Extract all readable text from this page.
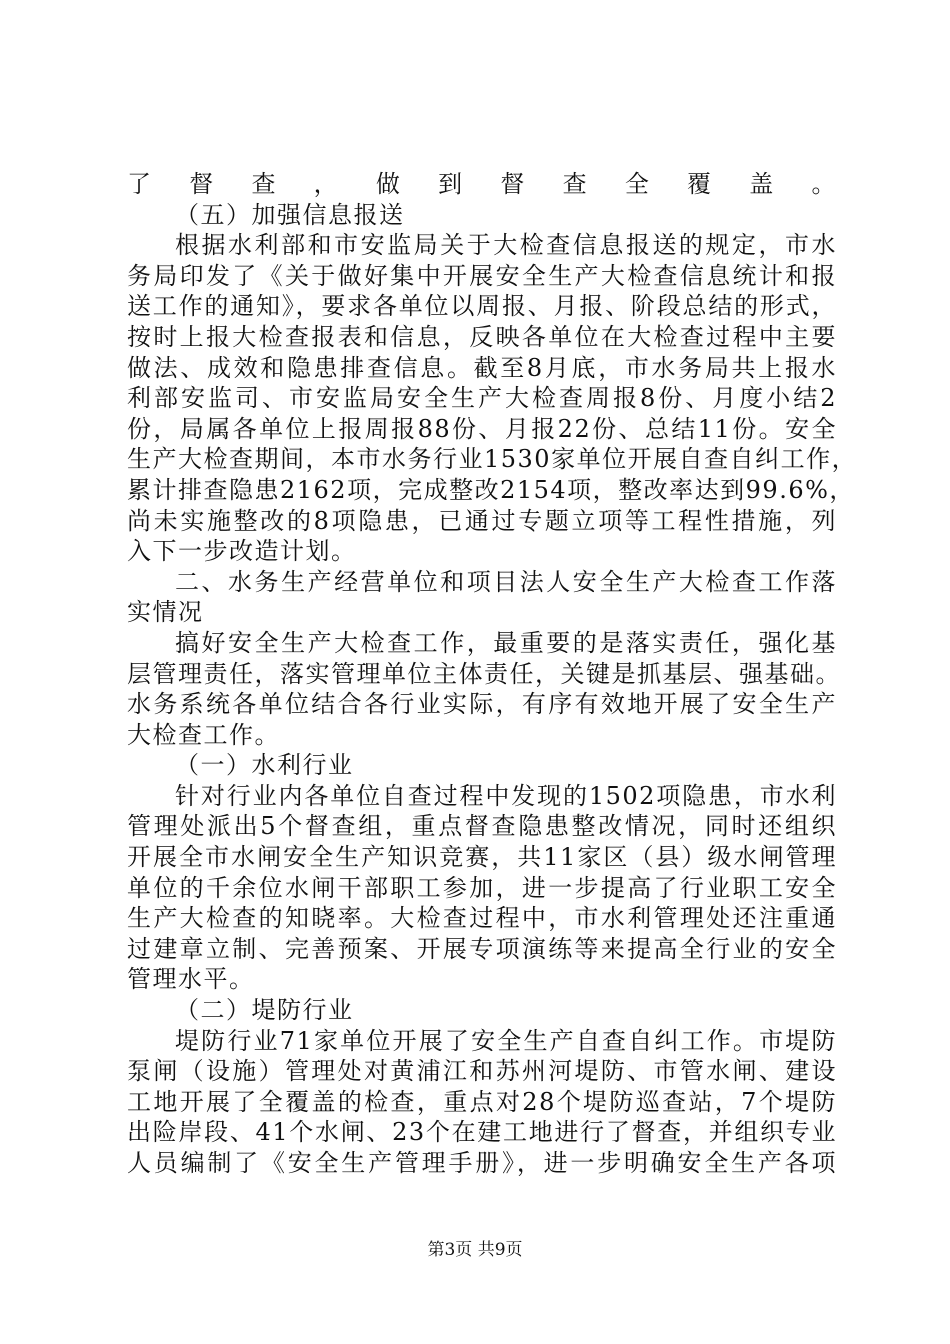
了督查，做到督查全覆盖。
（五）加强信息报送
根据水利部和市安监局关于大检查信息报送的规定，市水
务局印发了《关于做好集中开展安全生产大检查信息统计和报
送工作的通知》，要求各单位以周报、月报、阶段总结的形式，
按时上报大检查报表和信息，反映各单位在大检查过程中主要
做法、成效和隐患排查信息。截至8月底，市水务局共上报水
利部安监司、市安监局安全生产大检查周报8份、月度小结2
份，局属各单位上报周报88份、月报22份、总结11份。安全
生产大检查期间，本市水务行业1530家单位开展自查自纠工作，
累计排查隐患2162项，完成整改2154项，整改率达到99.6%，
尚未实施整改的8项隐患，已通过专题立项等工程性措施，列
入下一步改造计划。
二、水务生产经营单位和项目法人安全生产大检查工作落
实情况
搞好安全生产大检查工作，最重要的是落实责任，强化基
层管理责任，落实管理单位主体责任，关键是抓基层、强基础。
水务系统各单位结合各行业实际，有序有效地开展了安全生产
大检查工作。
（一）水利行业
针对行业内各单位自查过程中发现的1502项隐患，市水利
管理处派出5个督查组，重点督查隐患整改情况，同时还组织
开展全市水闸安全生产知识竞赛，共11家区（县）级水闸管理
单位的千余位水闸干部职工参加，进一步提高了行业职工安全
生产大检查的知晓率。大检查过程中，市水利管理处还注重通
过建章立制、完善预案、开展专项演练等来提高全行业的安全
管理水平。
（二）堤防行业
堤防行业71家单位开展了安全生产自查自纠工作。市堤防
泵闸（设施）管理处对黄浦江和苏州河堤防、市管水闸、建设
工地开展了全覆盖的检查，重点对28个堤防巡查站，7个堤防
出险岸段、41个水闸、23个在建工地进行了督查，并组织专业
人员编制了《安全生产管理手册》，进一步明确安全生产各项
第3页 共9页
